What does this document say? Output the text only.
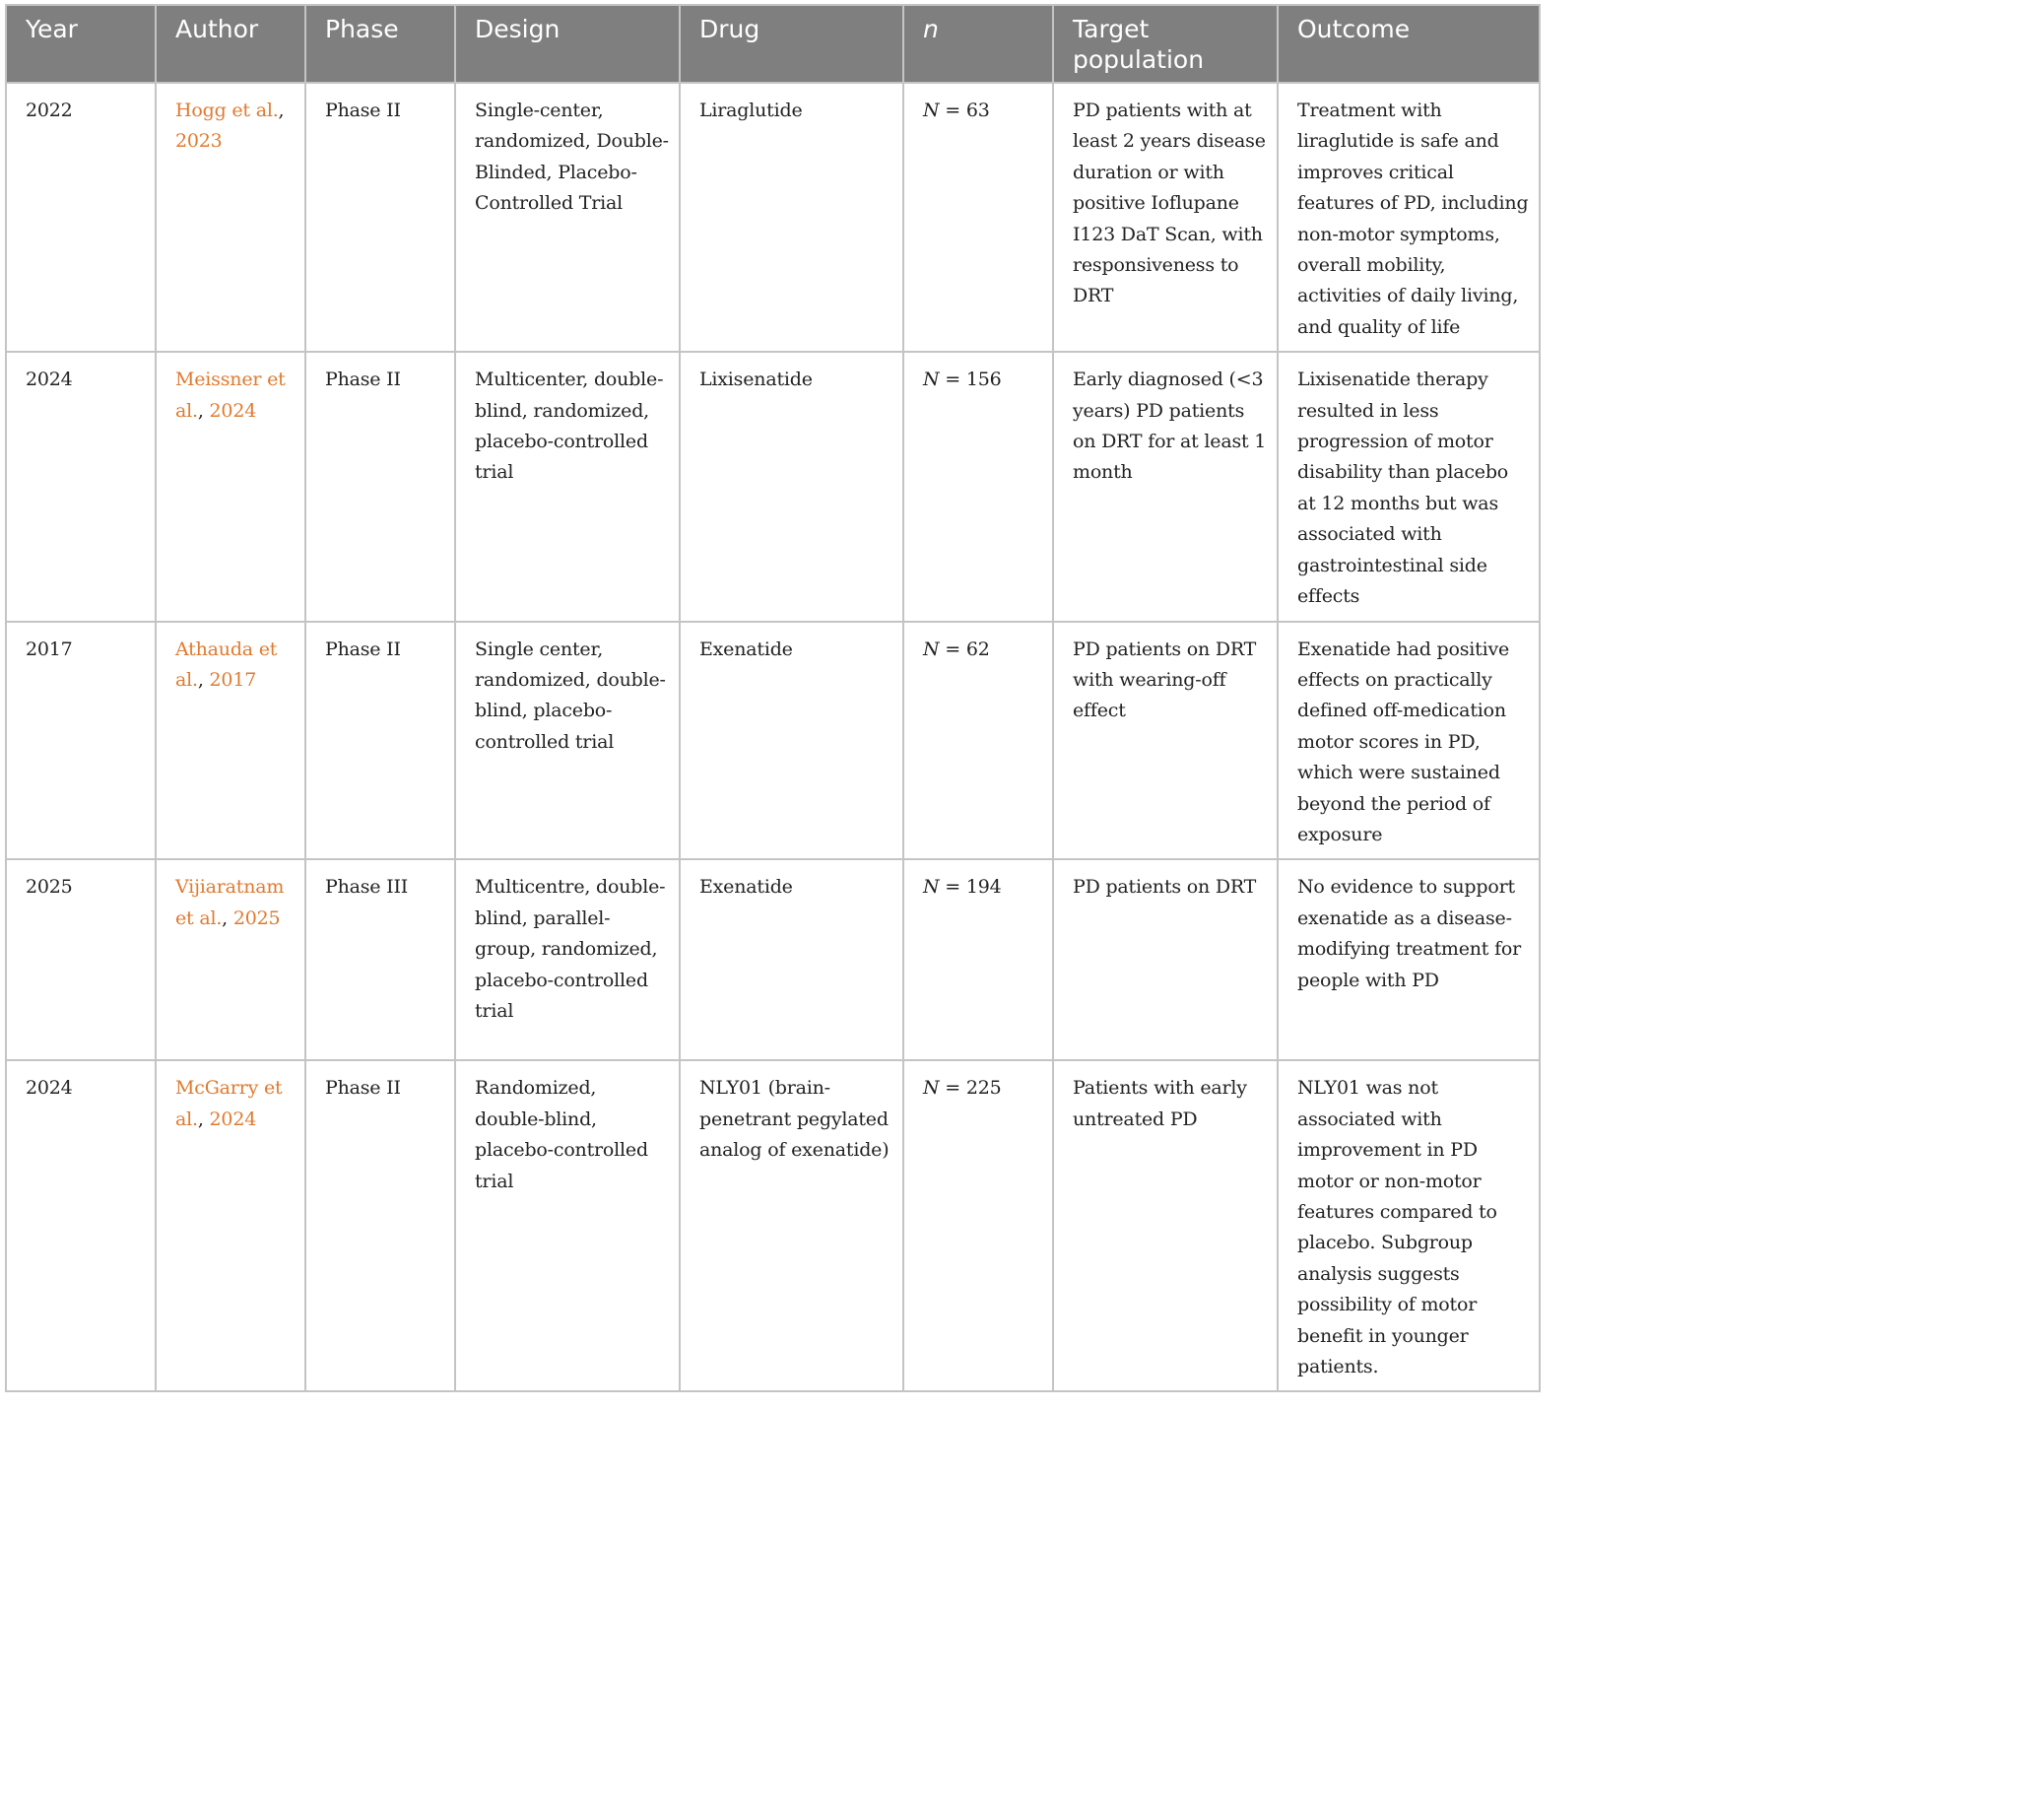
Year	Author	Phase	Design	Drug	n	Target population	Outcome
2022	Hogg et al., 2023	Phase II	Single-center, randomized, Double-Blinded, Placebo-Controlled Trial	Liraglutide	N = 63	PD patients with at least 2 years disease duration or with positive Ioflupane I123 DaT Scan, with responsiveness to DRT	Treatment with liraglutide is safe and improves critical features of PD, including non-motor symptoms, overall mobility, activities of daily living, and quality of life
2024	Meissner et al., 2024	Phase II	Multicenter, double-blind, randomized, placebo-controlled trial	Lixisenatide	N = 156	Early diagnosed (<3 years) PD patients on DRT for at least 1 month	Lixisenatide therapy resulted in less progression of motor disability than placebo at 12 months but was associated with gastrointestinal side effects
2017	Athauda et al., 2017	Phase II	Single center, randomized, double-blind, placebo-controlled trial	Exenatide	N = 62	PD patients on DRT with wearing-off effect	Exenatide had positive effects on practically defined off-medication motor scores in PD, which were sustained beyond the period of exposure
2025	Vijiaratnam et al., 2025	Phase III	Multicentre, double-blind, parallel-group, randomized, placebo-controlled trial	Exenatide	N = 194	PD patients on DRT	No evidence to support exenatide as a disease-modifying treatment for people with PD
2024	McGarry et al., 2024	Phase II	Randomized, double-blind, placebo-controlled trial	NLY01 (brain-penetrant pegylated analog of exenatide)	N = 225	Patients with early untreated PD	NLY01 was not associated with improvement in PD motor or non-motor features compared to placebo. Subgroup analysis suggests possibility of motor benefit in younger patients.
